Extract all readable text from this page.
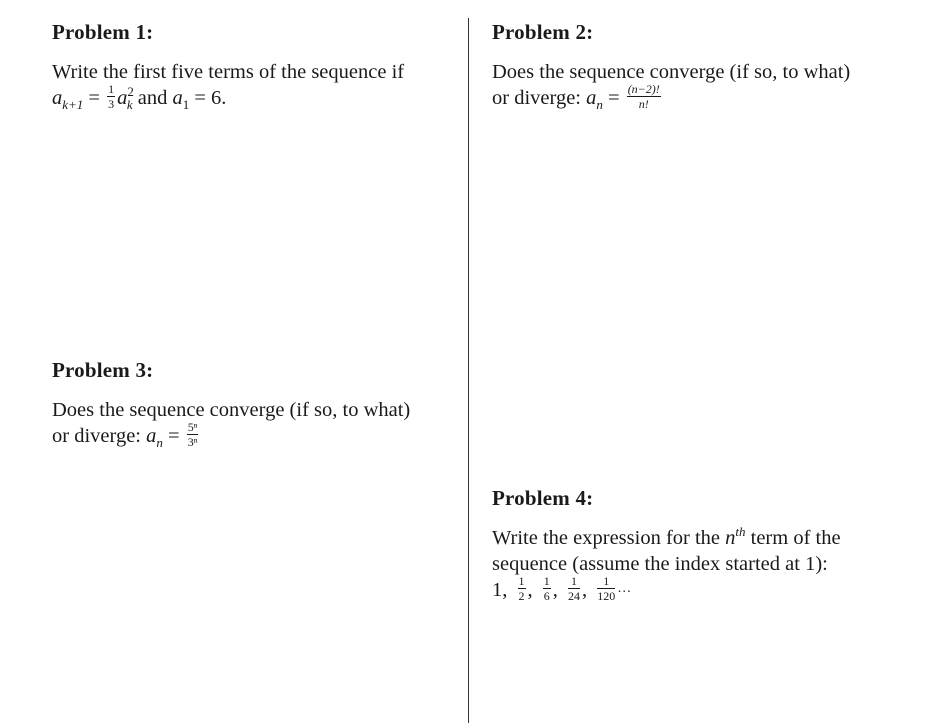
Problem 1:
Write the first five terms of the sequence if
$a_{k+1} = \frac{1}{3} a^2_k$ and $a_1 = 6$.
Problem 2:
Does the sequence converge (if so, to what)
or diverge: $a_n = \frac{(n-2)!}{n!}$
Problem 3:
Does the sequence converge (if so, to what)
or diverge: $a_n = \frac{\text{5ⁿ}}{\text{3ⁿ}}$
Problem 4:
Write the expression for the $n^{th}$ term of the
sequence (assume the index started at 1):
1, $\frac{1}{2}$ , $\frac{1}{6}$ , $\frac{1}{24}$ , $\frac{1}{120}$ ···
